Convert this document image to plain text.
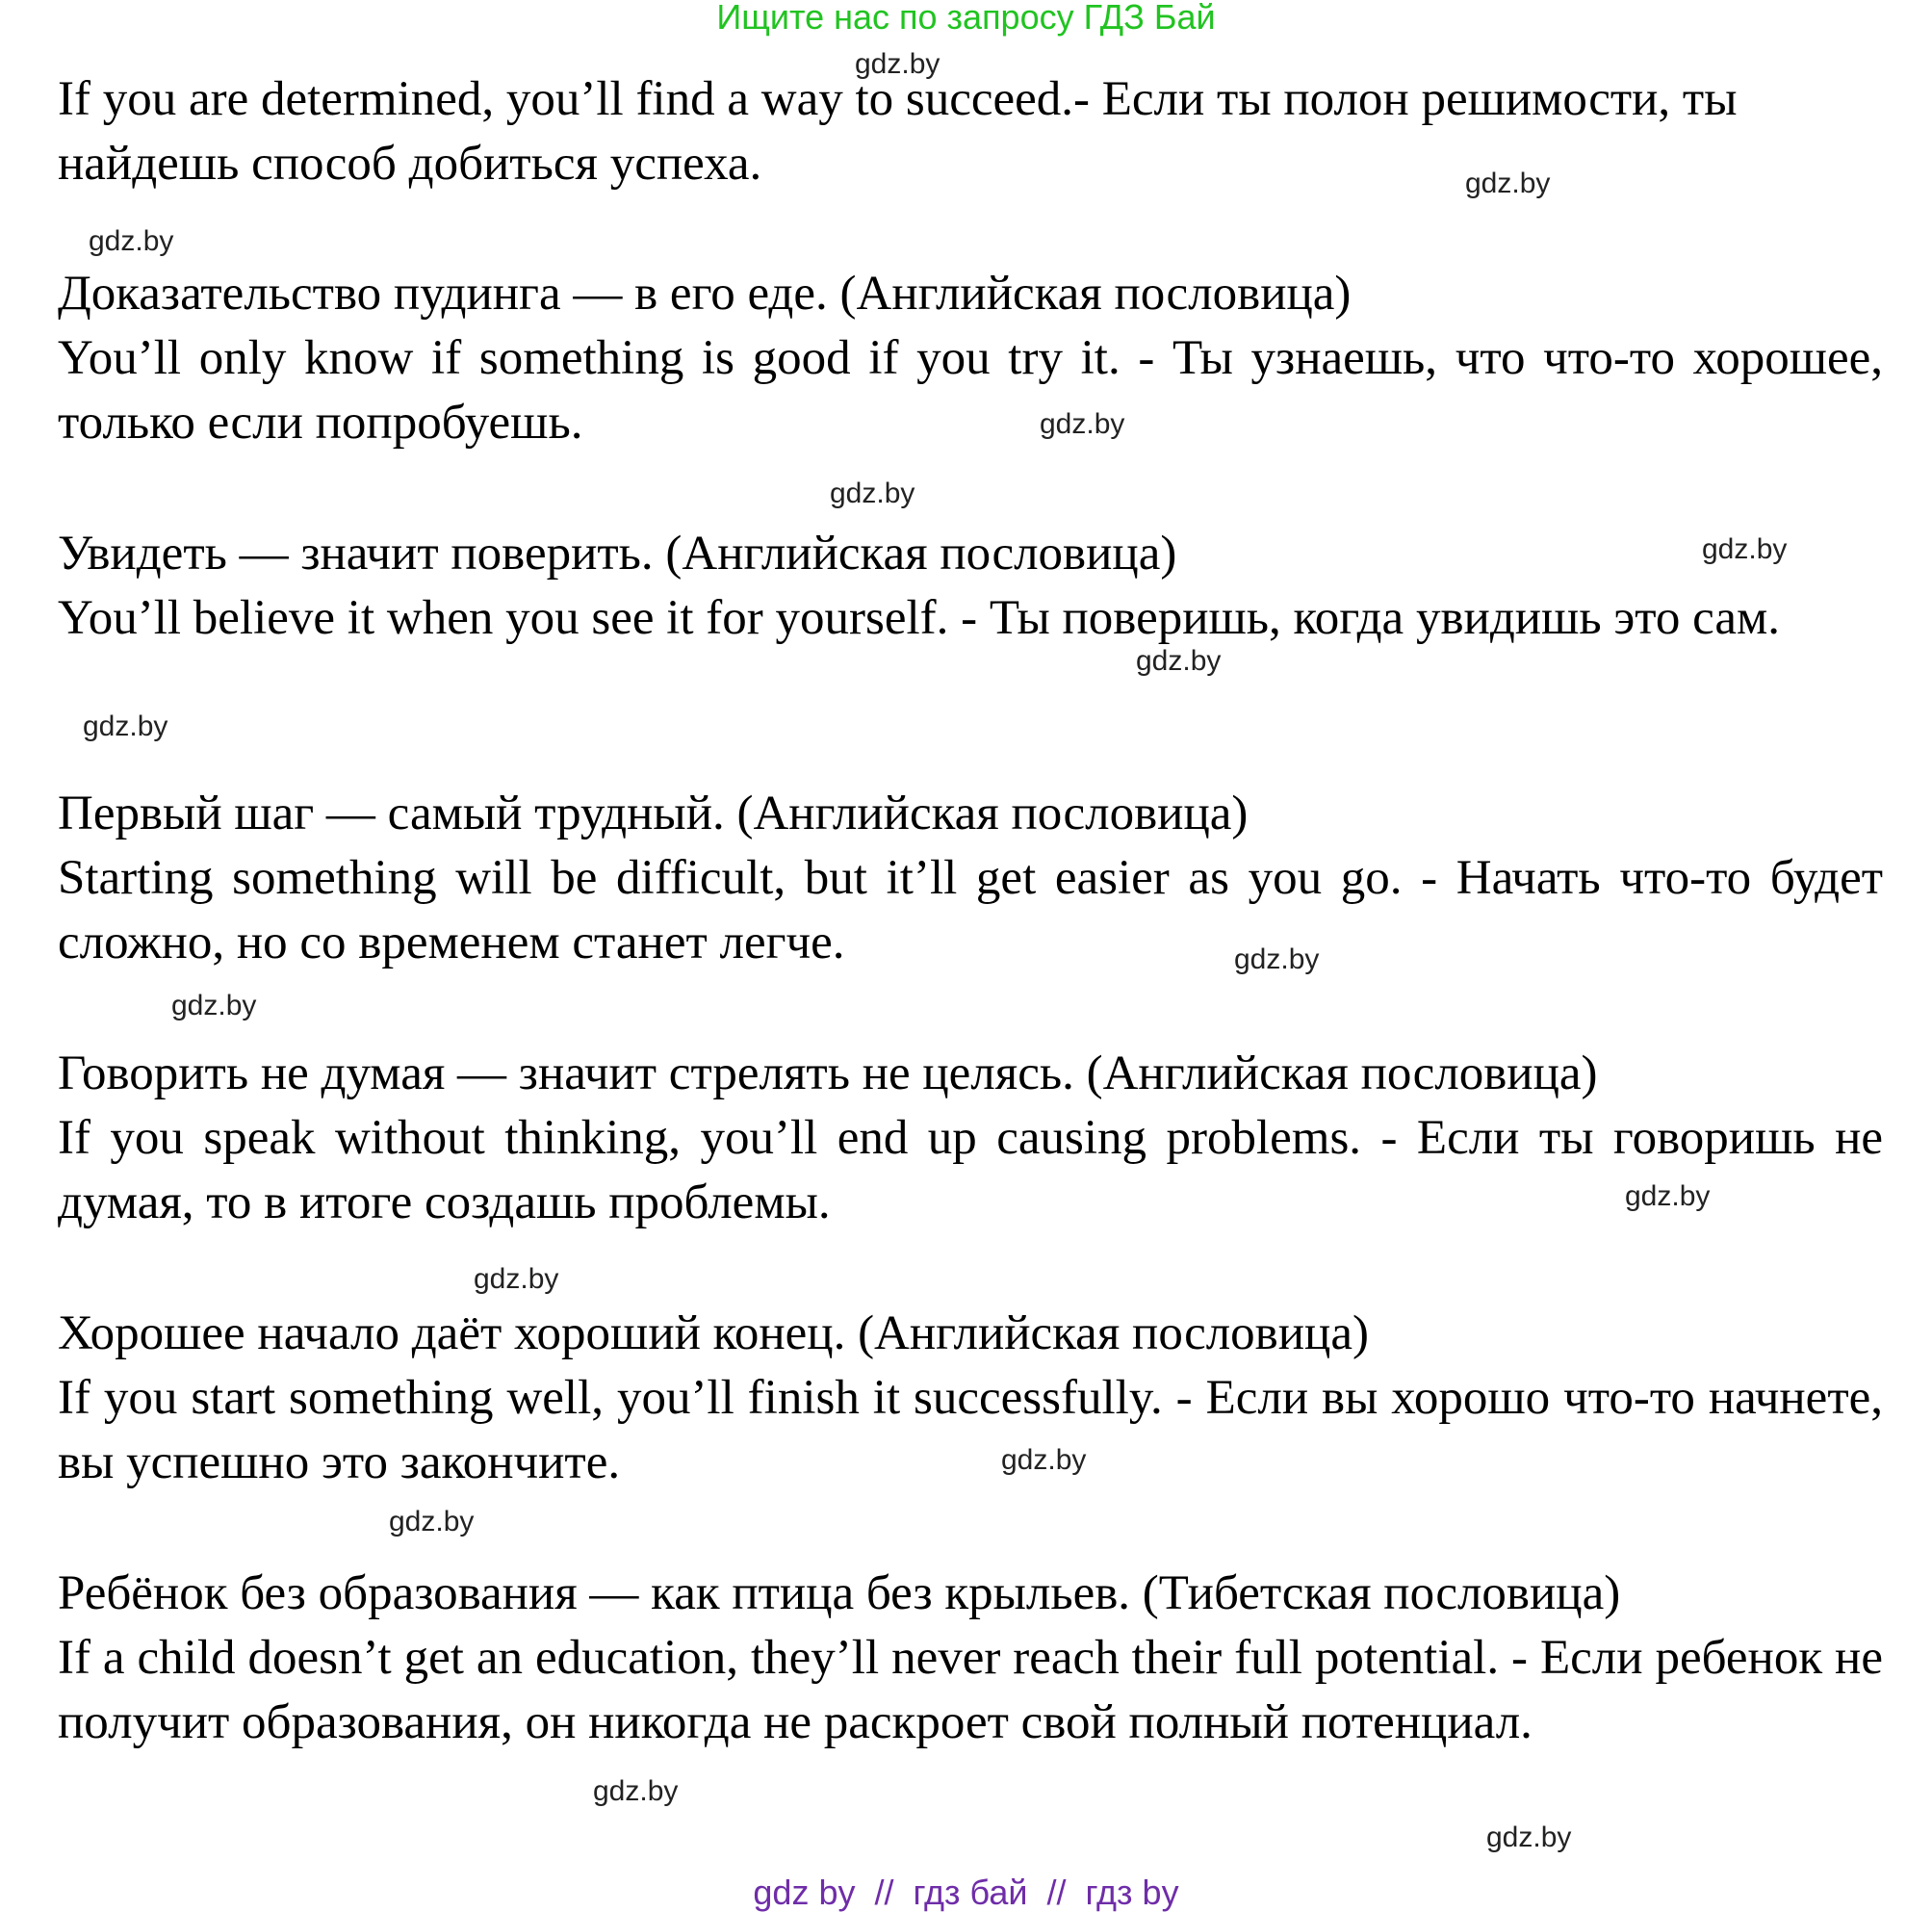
Ищите нас по запросу ГДЗ Бай

If you are determined, you’ll find a way to succeed.- Если ты полон решимости, ты найдешь способ добиться успеха.

Доказательство пудинга — в его еде. (Английская пословица)

You’ll only know if something is good if you try it. - Ты узнаешь, что что-то хорошее, только если попробуешь.

Увидеть — значит поверить. (Английская пословица)

You’ll believe it when you see it for yourself. - Ты поверишь, когда увидишь это сам.

Первый шаг — самый трудный. (Английская пословица)

Starting something will be difficult, but it’ll get easier as you go. - Начать что-то будет сложно, но со временем станет легче.

Говорить не думая — значит стрелять не целясь. (Английская пословица)

If you speak without thinking, you’ll end up causing problems. - Если ты говоришь не думая, то в итоге создашь проблемы.

Хорошее начало даёт хороший конец. (Английская пословица)

If you start something well, you’ll finish it successfully. - Если вы хорошо что-то начнете, вы успешно это закончите.

Ребёнок без образования — как птица без крыльев. (Тибетская пословица)

If a child doesn’t get an education, they’ll never reach their full potential. - Если ребенок не получит образования, он никогда не раскроет свой полный потенциал.

gdz.by
gdz.by
gdz.by
gdz.by
gdz.by
gdz.by
gdz.by
gdz.by
gdz.by
gdz.by
gdz.by
gdz.by
gdz.by
gdz.by
gdz.by
gdz.by
gdz by // гдз бай // гдз by
